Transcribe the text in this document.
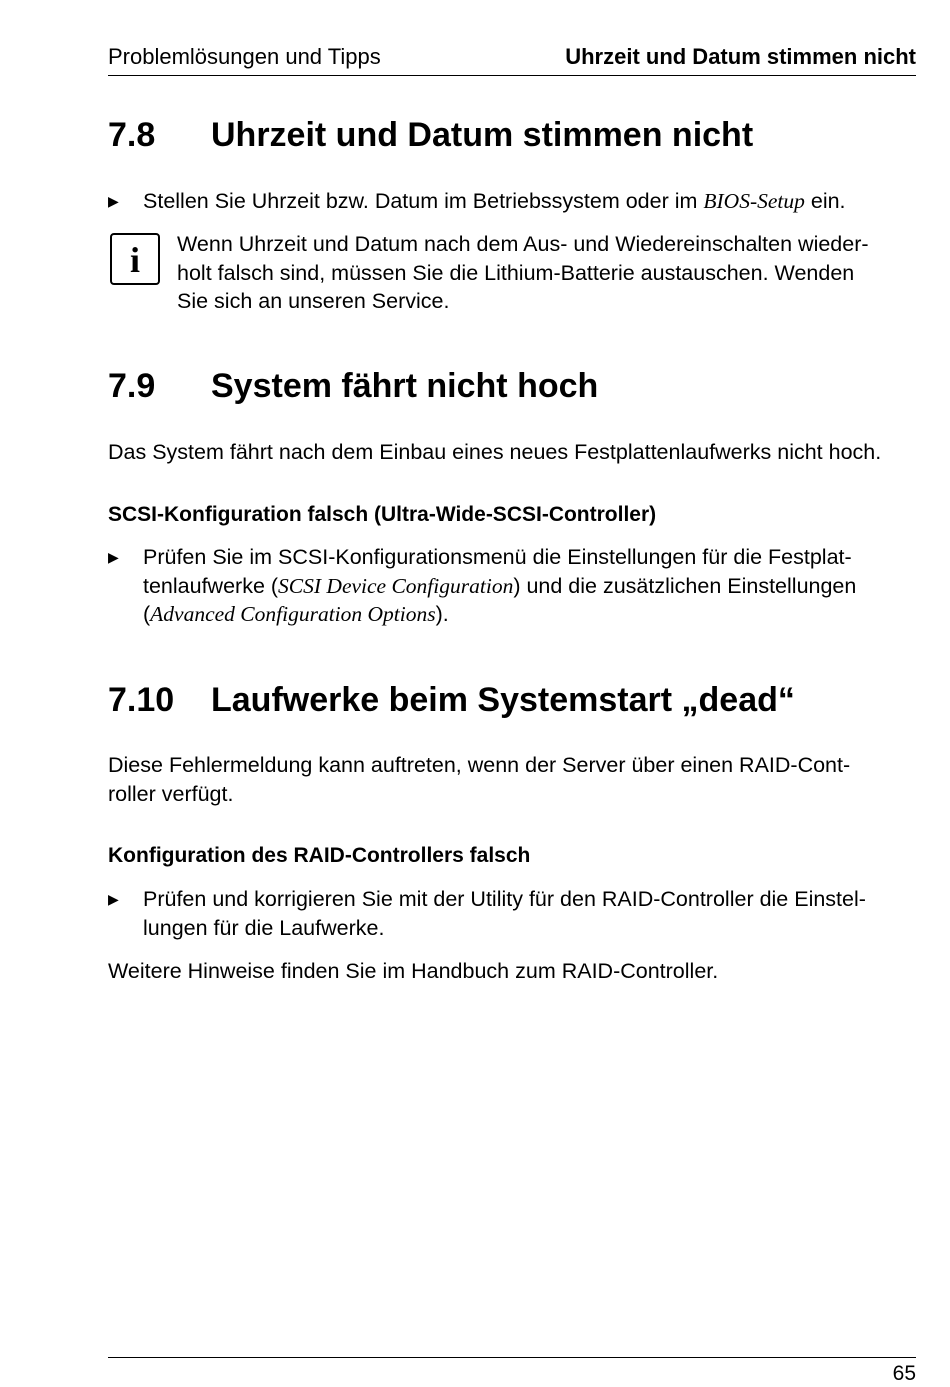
Problemlösungen und Tipps	Uhrzeit und Datum stimmen nicht
7.8 Uhrzeit und Datum stimmen nicht
▶ Stellen Sie Uhrzeit bzw. Datum im Betriebssystem oder im BIOS-Setup ein.
i	Wenn Uhrzeit und Datum nach dem Aus- und Wiedereinschalten wieder-
holt falsch sind, müssen Sie die Lithium-Batterie austauschen. Wenden
Sie sich an unseren Service.
7.9 System fährt nicht hoch
Das System fährt nach dem Einbau eines neues Festplattenlaufwerks nicht hoch.
SCSI-Konfiguration falsch (Ultra-Wide-SCSI-Controller)
▶ Prüfen Sie im SCSI-Konfigurationsmenü die Einstellungen für die Festplat-
tenlaufwerke (SCSI Device Configuration) und die zusätzlichen Einstellungen
(Advanced Configuration Options).
7.10 Laufwerke beim Systemstart „dead“
Diese Fehlermeldung kann auftreten, wenn der Server über einen RAID-Cont-
roller verfügt.
Konfiguration des RAID-Controllers falsch
▶ Prüfen und korrigieren Sie mit der Utility für den RAID-Controller die Einstel-
lungen für die Laufwerke.
Weitere Hinweise finden Sie im Handbuch zum RAID-Controller.
65
